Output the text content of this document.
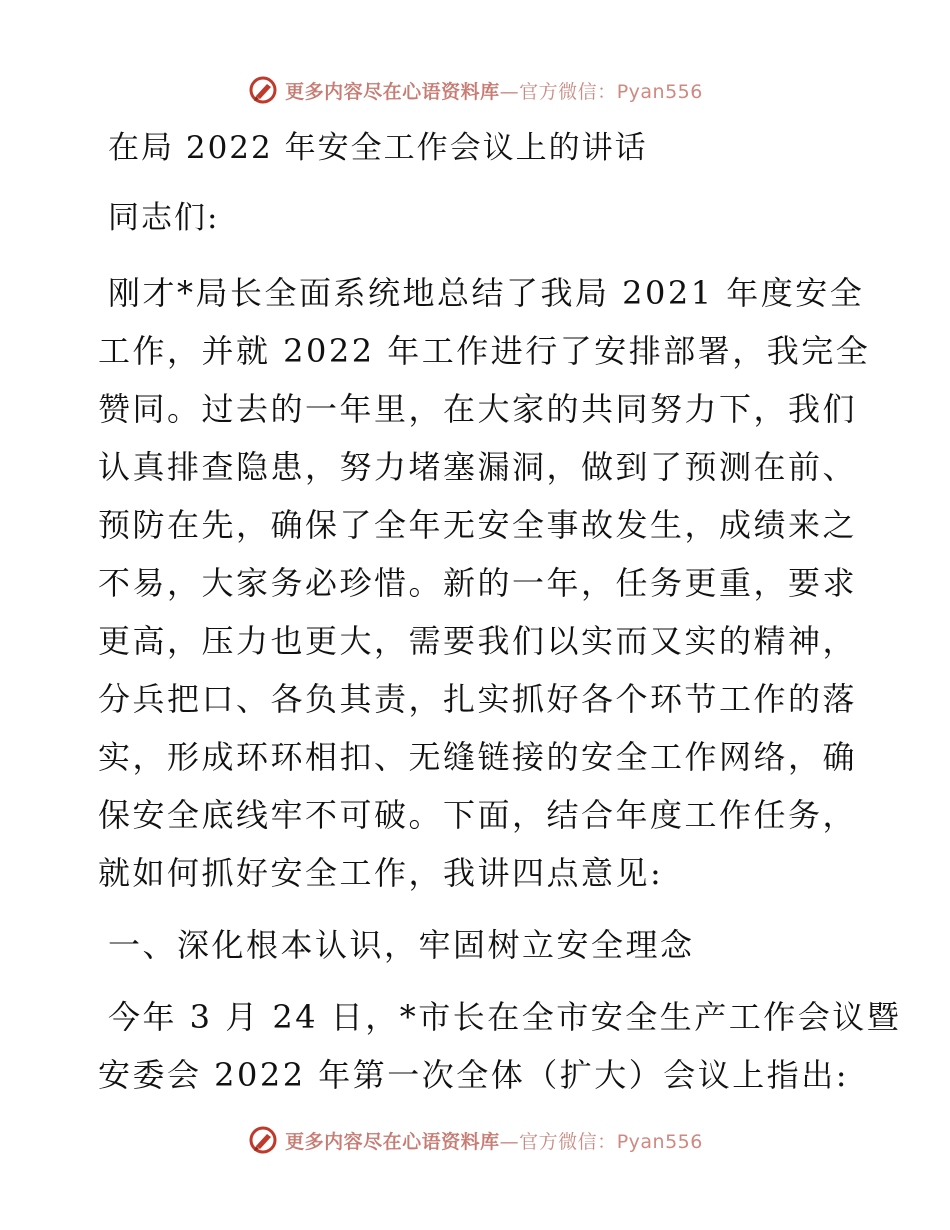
更多内容尽在心语资料库—官方微信：Pyan556
在局 2022 年安全工作会议上的讲话
同志们:
刚才*局长全面系统地总结了我局 2021 年度安全
工作，并就 2022 年工作进行了安排部署，我完全
赞同。过去的一年里，在大家的共同努力下，我们
认真排查隐患，努力堵塞漏洞，做到了预测在前、
预防在先，确保了全年无安全事故发生，成绩来之
不易，大家务必珍惜。新的一年，任务更重，要求
更高，压力也更大，需要我们以实而又实的精神，
分兵把口、各负其责，扎实抓好各个环节工作的落
实，形成环环相扣、无缝链接的安全工作网络，确
保安全底线牢不可破。下面，结合年度工作任务，
就如何抓好安全工作，我讲四点意见:
一、深化根本认识，牢固树立安全理念
今年 3 月 24 日，*市长在全市安全生产工作会议暨
安委会 2022 年第一次全体（扩大）会议上指出:
更多内容尽在心语资料库—官方微信：Pyan556
